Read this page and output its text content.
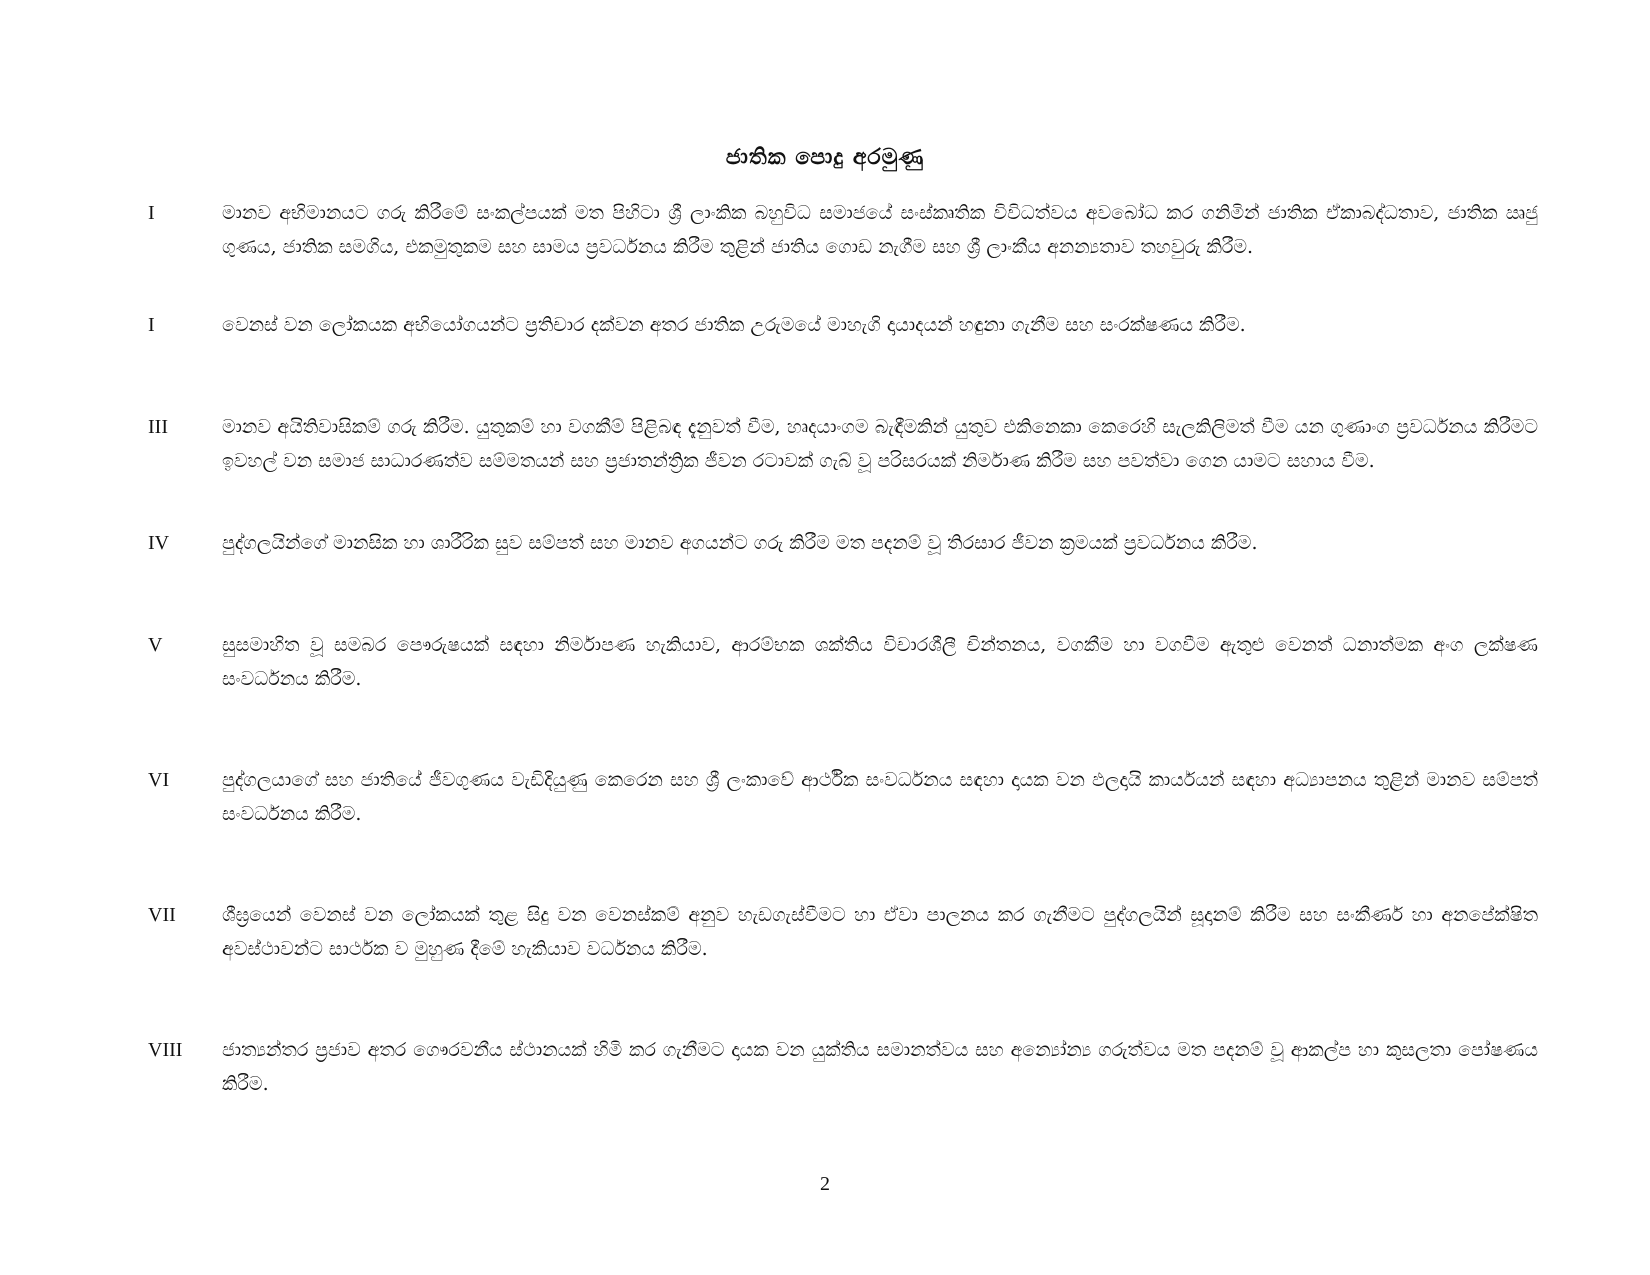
ජාතික පොදු අරමුණු
I	මානව අභිමානයට ගරු කිරීමේ සංකල්පයක් මත පිහිටා ශ්‍රී ලාංකික බහුවිධ සමාජයේ සංස්කෘතික විවිධත්වය අවබෝධ කර ගනිමින් ජාතික ඒකාබද්ධතාව, ජාතික ඍජු ගුණය, ජාතික සමගිය, එකමුතුකම සහ සාමය ප්‍රවර්ධනය කිරීම තුළින් ජාතිය ගොඩ නැගීම සහ ශ්‍රී ලාංකීය අනන්‍යතාව තහවුරු කිරීම.

I	වෙනස් වන ලෝකයක අභියෝගයන්ට ප්‍රතිචාර දක්වන අතර ජාතික උරුමයේ මාහැගි දායාදයන් හඳුනා ගැනීම සහ සංරක්ෂණය කිරීම.

III	මානව අයිතිවාසිකම් ගරු කිරීම. යුතුකම් හා වගකීම් පිළිබඳ දැනුවත් වීම, හෘදයාංගම බැඳීමකින් යුතුව එකිනෙකා කෙරෙහි සැලකිලිමත් වීම යන ගුණාංග ප්‍රවර්ධනය කිරීමට ඉවහල් වන සමාජ සාධාරණත්ව සම්මතයන් සහ ප්‍රජාතන්ත්‍රික ජීවන රටාවක් ගැබ් වූ පරිසරයක් නිර්මාණ කිරීම සහ පවත්වා ගෙන යාමට සහාය වීම.

IV	පුද්ගලයින්ගේ මානසික හා ශාරීරික සුව සම්පත් සහ මානව අගයන්ට ගරු කිරීම මත පදනම් වූ තිරසාර ජීවන ක්‍රමයක් ප්‍රවර්ධනය කිරීම.

V	සුසමාහිත වූ සමබර පෞරුෂයක් සඳහා නිර්මාපණ හැකියාව, ආරම්භක ශක්තිය විචාරශීලී චින්තනය, වගකීම හා වගවීම ඇතුළු වෙනත් ධනාත්මක අංග ලක්ෂණ සංවර්ධනය කිරීම.

VI	පුද්ගලයාගේ සහ ජාතියේ ජීවගුණය වැඩිදියුණු කෙරෙන සහ ශ්‍රී ලංකාවේ ආර්ථික සංවර්ධනය සඳහා දායක වන ඵලදායි කාර්යයන් සඳහා අධ්‍යාපනය තුළින් මානව සම්පත් සංවර්ධනය කිරීම.

VII	ශීඝ්‍රයෙන් වෙනස් වන ලෝකයක් තුළ සිදු වන වෙනස්කම් අනුව හැඩගැස්වීමට හා ඒවා පාලනය කර ගැනීමට පුද්ගලයින් සූදානම් කිරීම සහ සංකීර්ණ හා අනපේක්ෂිත අවස්ථාවන්ට සාර්ථක ව මුහුණ දීමේ හැකියාව වර්ධනය කිරීම.

VIII	ජාත්‍යන්තර ප්‍රජාව අතර ගෞරවනීය ස්ථානයක් හිමි කර ගැනීමට දායක වන යුක්තිය සමානත්වය සහ අන්‍යෝන්‍ය ගරුත්වය මත පදනම් වූ ආකල්ප හා කුසලතා පෝෂණය කිරීම.

2
